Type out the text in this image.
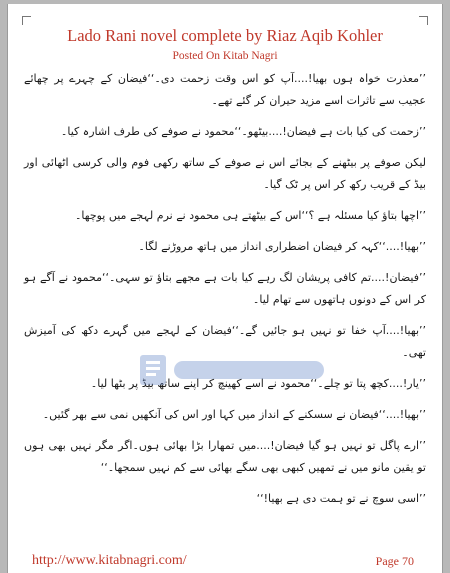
Lado Rani novel complete by Riaz Aqib Kohler
Posted On Kitab Nagri

’’معذرت خواہ ہوں بھیا!....آپ کو اس وقت زحمت دی۔‘‘فیضان کے چہرے پر چھائے عجیب سے تاثرات اسے مزید حیران کر گئے تھے۔

’’زحمت کی کیا بات ہے فیضان!....بیٹھو۔‘‘محمود نے صوفے کی طرف اشارہ کیا۔

لیکن صوفے پر بیٹھنے کے بجائے اس نے صوفے کے ساتھ رکھی فوم والی کرسی اٹھائی اور بیڈ کے قریب رکھ کر اس پر ٹک گیا۔

’’اچھا بتاؤ کیا مسئلہ ہے ؟‘‘اس کے بیٹھتے ہی محمود نے نرم لہجے میں پوچھا۔

’’بھیا!....‘‘کہہ کر فیضان اضطراری انداز میں ہاتھ مروڑنے لگا۔

’’فیضان!....تم کافی پریشان لگ رہے کیا بات ہے مجھے بتاؤ تو سہی۔‘‘محمود نے آگے ہو کر اس کے دونوں ہاتھوں سے تھام لیا۔

’’بھیا!....آپ خفا تو نہیں ہو جائیں گے۔‘‘فیضان کے لہجے میں گہرے دکھ کی آمیزش تھی۔

’’یار!....کچھ پتا تو چلے۔‘‘محمود نے اسے کھینچ کر اپنے ساتھ بیڈ پر بٹھا لیا۔

’’بھیا!....‘‘فیضان نے سسکنے کے انداز میں کہا اور اس کی آنکھیں نمی سے بھر گئیں۔

’’ارے پاگل تو نہیں ہو گیا فیضان!....میں تمھارا بڑا بھائی ہوں۔اگر مگر نہیں بھی ہوں تو یقین مانو میں نے تمھیں کبھی بھی سگے بھائی سے کم نہیں سمجھا۔‘‘

’’اسی سوچ نے تو ہمت دی ہے بھیا!‘‘

http://www.kitabnagri.com/	Page 70
